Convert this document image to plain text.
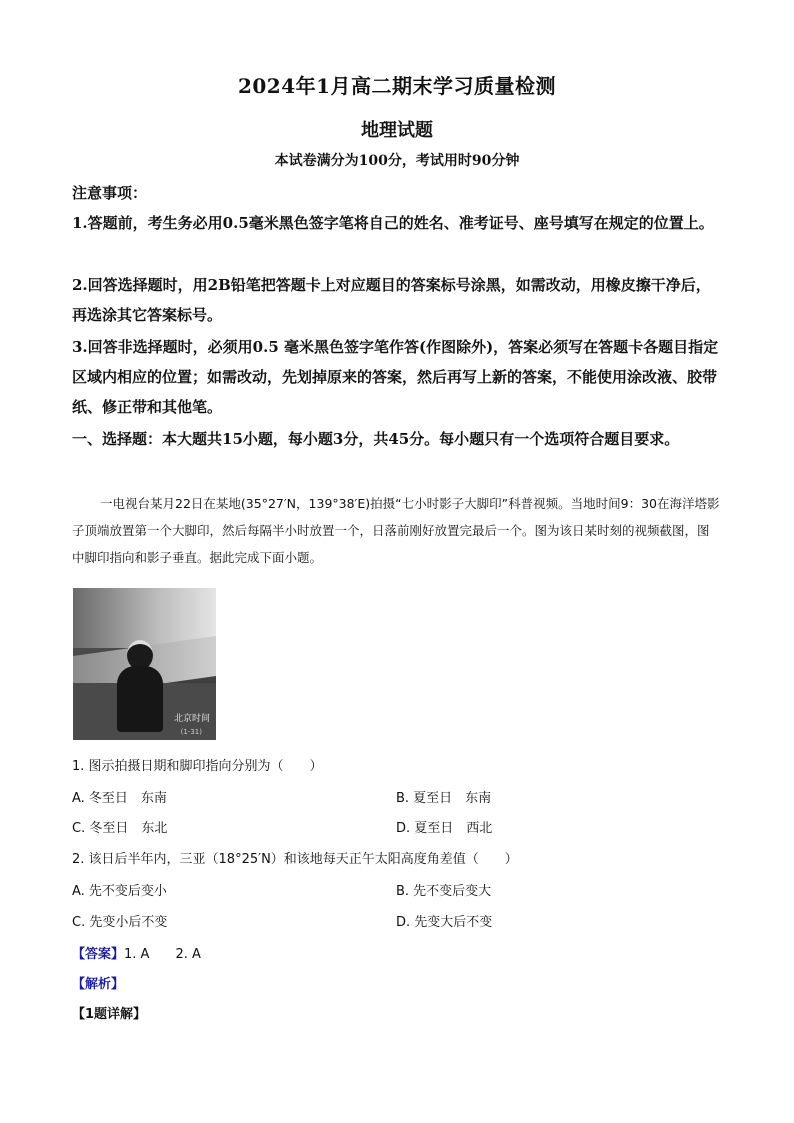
2024年1月高二期末学习质量检测
地理试题
本试卷满分为100分，考试用时90分钟
注意事项：
1.答题前，考生务必用0.5毫米黑色签字笔将自己的姓名、准考证号、座号填写在规定的位置上。
2.回答选择题时，用2B铅笔把答题卡上对应题目的答案标号涂黑，如需改动，用橡皮擦干净后，再选涂其它答案标号。
3.回答非选择题时，必须用0.5 毫米黑色签字笔作答(作图除外)，答案必须写在答题卡各题目指定区域内相应的位置；如需改动，先划掉原来的答案，然后再写上新的答案，不能使用涂改液、胶带纸、修正带和其他笔。
一、选择题：本大题共15小题，每小题3分，共45分。每小题只有一个选项符合题目要求。
一电视台某月22日在某地(35°27′N，139°38′E)拍摄“七小时影子大脚印”科普视频。当地时间9：30在海洋塔影子顶端放置第一个大脚印，然后每隔半小时放置一个，日落前刚好放置完最后一个。图为该日某时刻的视频截图，图中脚印指向和影子垂直。据此完成下面小题。
北京时间
(1-31)
1. 图示拍摄日期和脚印指向分别为（　　）
A. 冬至日　东南	B. 夏至日　东南
C. 冬至日　东北	D. 夏至日　西北
2. 该日后半年内，三亚（18°25′N）和该地每天正午太阳高度角差值（　　）
A. 先不变后变小	B. 先不变后变大
C. 先变小后不变	D. 先变大后不变
【答案】1. A　　2. A
【解析】
【1题详解】
